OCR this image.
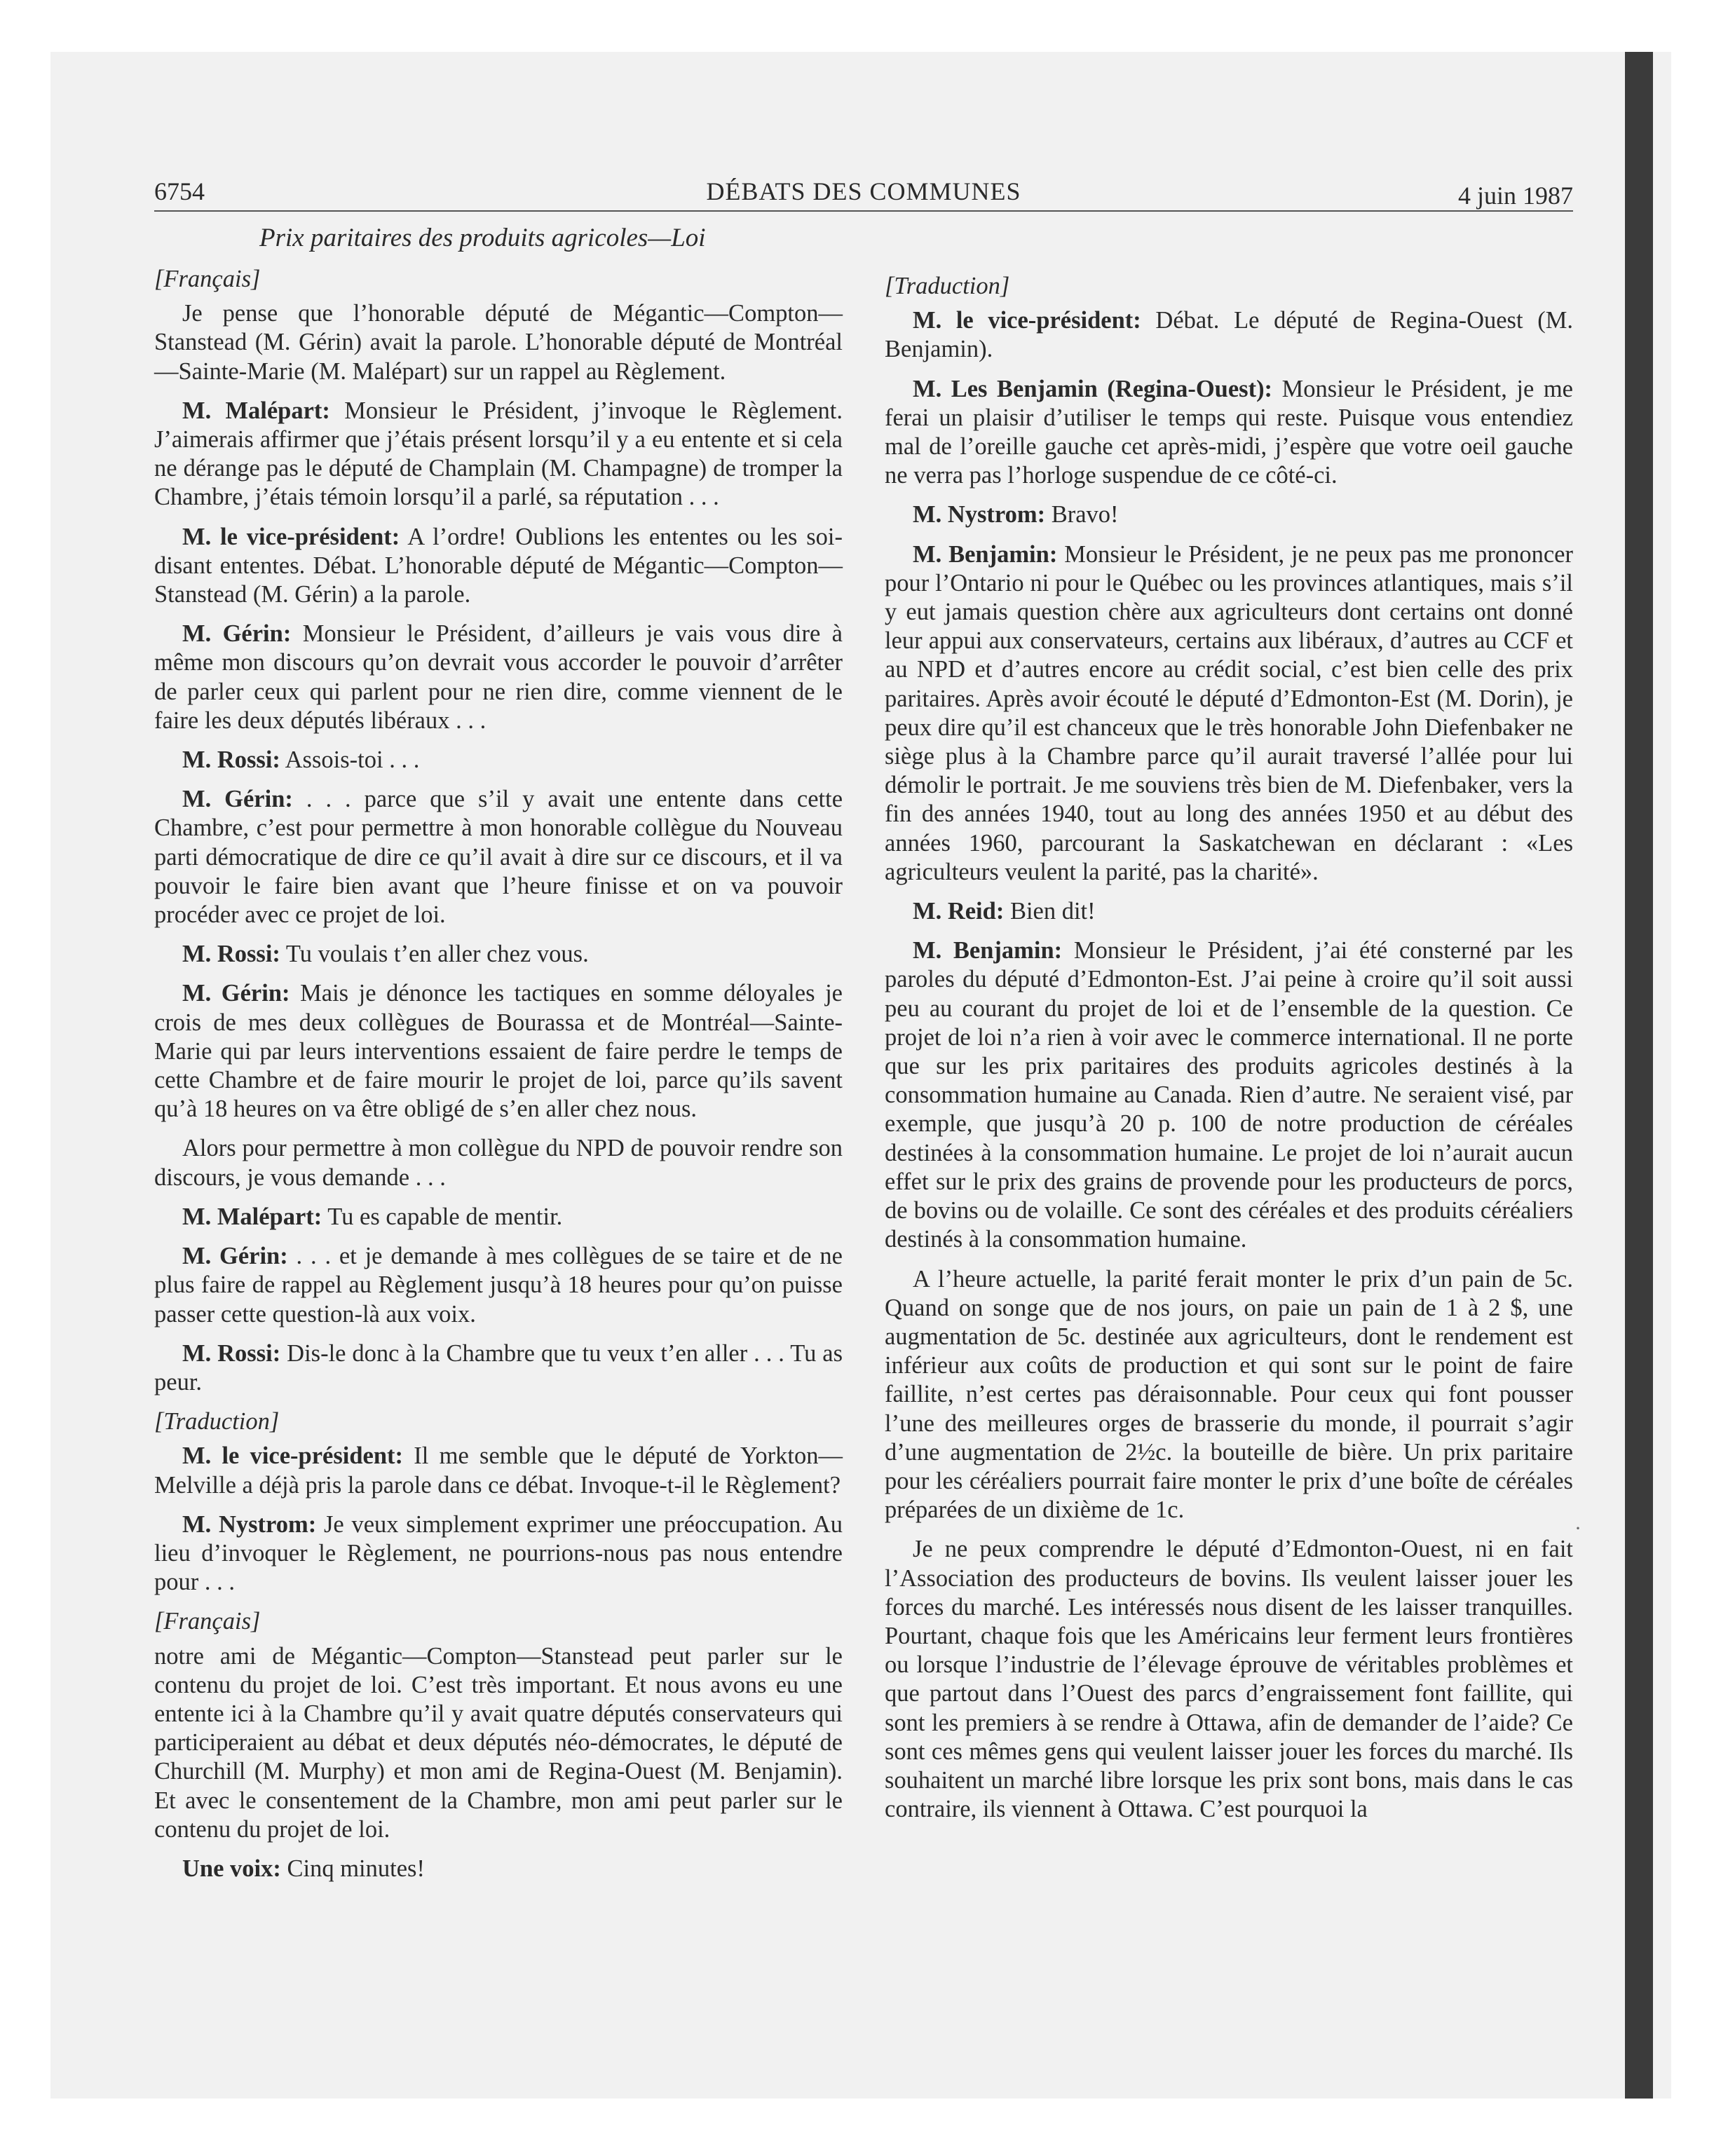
6754	DÉBATS DES COMMUNES	4 juin 1987
Prix paritaires des produits agricoles—Loi

[Français]

Je pense que l’honorable député de Mégantic—Compton—Stanstead (M. Gérin) avait la parole. L’honorable député de Montréal—Sainte-Marie (M. Malépart) sur un rappel au Règlement.

M. Malépart: Monsieur le Président, j’invoque le Règlement. J’aimerais affirmer que j’étais présent lorsqu’il y a eu entente et si cela ne dérange pas le député de Champlain (M. Champagne) de tromper la Chambre, j’étais témoin lorsqu’il a parlé, sa réputation . . .

M. le vice-président: A l’ordre! Oublions les ententes ou les soi-disant ententes. Débat. L’honorable député de Mégantic—Compton—Stanstead (M. Gérin) a la parole.

M. Gérin: Monsieur le Président, d’ailleurs je vais vous dire à même mon discours qu’on devrait vous accorder le pouvoir d’arrêter de parler ceux qui parlent pour ne rien dire, comme viennent de le faire les deux députés libéraux . . .

M. Rossi: Assois-toi . . .

M. Gérin: . . . parce que s’il y avait une entente dans cette Chambre, c’est pour permettre à mon honorable collègue du Nouveau parti démocratique de dire ce qu’il avait à dire sur ce discours, et il va pouvoir le faire bien avant que l’heure finisse et on va pouvoir procéder avec ce projet de loi.

M. Rossi: Tu voulais t’en aller chez vous.

M. Gérin: Mais je dénonce les tactiques en somme déloyales je crois de mes deux collègues de Bourassa et de Montréal—Sainte-Marie qui par leurs interventions essaient de faire perdre le temps de cette Chambre et de faire mourir le projet de loi, parce qu’ils savent qu’à 18 heures on va être obligé de s’en aller chez nous.

Alors pour permettre à mon collègue du NPD de pouvoir rendre son discours, je vous demande . . .

M. Malépart: Tu es capable de mentir.

M. Gérin: . . . et je demande à mes collègues de se taire et de ne plus faire de rappel au Règlement jusqu’à 18 heures pour qu’on puisse passer cette question-là aux voix.

M. Rossi: Dis-le donc à la Chambre que tu veux t’en aller . . . Tu as peur.

[Traduction]

M. le vice-président: Il me semble que le député de Yorkton—Melville a déjà pris la parole dans ce débat. Invoque-t-il le Règlement?

M. Nystrom: Je veux simplement exprimer une préoccupation. Au lieu d’invoquer le Règlement, ne pourrions-nous pas nous entendre pour . . .

[Français]

notre ami de Mégantic—Compton—Stanstead peut parler sur le contenu du projet de loi. C’est très important. Et nous avons eu une entente ici à la Chambre qu’il y avait quatre députés conservateurs qui participeraient au débat et deux députés néo-démocrates, le député de Churchill (M. Murphy) et mon ami de Regina-Ouest (M. Benjamin). Et avec le consentement de la Chambre, mon ami peut parler sur le contenu du projet de loi.

Une voix: Cinq minutes!

[Traduction]

M. le vice-président: Débat. Le député de Regina-Ouest (M. Benjamin).

M. Les Benjamin (Regina-Ouest): Monsieur le Président, je me ferai un plaisir d’utiliser le temps qui reste. Puisque vous entendiez mal de l’oreille gauche cet après-midi, j’espère que votre oeil gauche ne verra pas l’horloge suspendue de ce côté-ci.

M. Nystrom: Bravo!

M. Benjamin: Monsieur le Président, je ne peux pas me prononcer pour l’Ontario ni pour le Québec ou les provinces atlantiques, mais s’il y eut jamais question chère aux agriculteurs dont certains ont donné leur appui aux conservateurs, certains aux libéraux, d’autres au CCF et au NPD et d’autres encore au crédit social, c’est bien celle des prix paritaires. Après avoir écouté le député d’Edmonton-Est (M. Dorin), je peux dire qu’il est chanceux que le très honorable John Diefenbaker ne siège plus à la Chambre parce qu’il aurait traversé l’allée pour lui démolir le portrait. Je me souviens très bien de M. Diefenbaker, vers la fin des années 1940, tout au long des années 1950 et au début des années 1960, parcourant la Saskatchewan en déclarant : «Les agriculteurs veulent la parité, pas la charité».

M. Reid: Bien dit!

M. Benjamin: Monsieur le Président, j’ai été consterné par les paroles du député d’Edmonton-Est. J’ai peine à croire qu’il soit aussi peu au courant du projet de loi et de l’ensemble de la question. Ce projet de loi n’a rien à voir avec le commerce international. Il ne porte que sur les prix paritaires des produits agricoles destinés à la consommation humaine au Canada. Rien d’autre. Ne seraient visé, par exemple, que jusqu’à 20 p. 100 de notre production de céréales destinées à la consommation humaine. Le projet de loi n’aurait aucun effet sur le prix des grains de provende pour les producteurs de porcs, de bovins ou de volaille. Ce sont des céréales et des produits céréaliers destinés à la consommation humaine.

A l’heure actuelle, la parité ferait monter le prix d’un pain de 5c. Quand on songe que de nos jours, on paie un pain de 1 à 2 $, une augmentation de 5c. destinée aux agriculteurs, dont le rendement est inférieur aux coûts de production et qui sont sur le point de faire faillite, n’est certes pas déraisonnable. Pour ceux qui font pousser l’une des meilleures orges de brasserie du monde, il pourrait s’agir d’une augmentation de 2½c. la bouteille de bière. Un prix paritaire pour les céréaliers pourrait faire monter le prix d’une boîte de céréales préparées de un dixième de 1c.

Je ne peux comprendre le député d’Edmonton-Ouest, ni en fait l’Association des producteurs de bovins. Ils veulent laisser jouer les forces du marché. Les intéressés nous disent de les laisser tranquilles. Pourtant, chaque fois que les Américains leur ferment leurs frontières ou lorsque l’industrie de l’élevage éprouve de véritables problèmes et que partout dans l’Ouest des parcs d’engraissement font faillite, qui sont les premiers à se rendre à Ottawa, afin de demander de l’aide? Ce sont ces mêmes gens qui veulent laisser jouer les forces du marché. Ils souhaitent un marché libre lorsque les prix sont bons, mais dans le cas contraire, ils viennent à Ottawa. C’est pourquoi la

·
